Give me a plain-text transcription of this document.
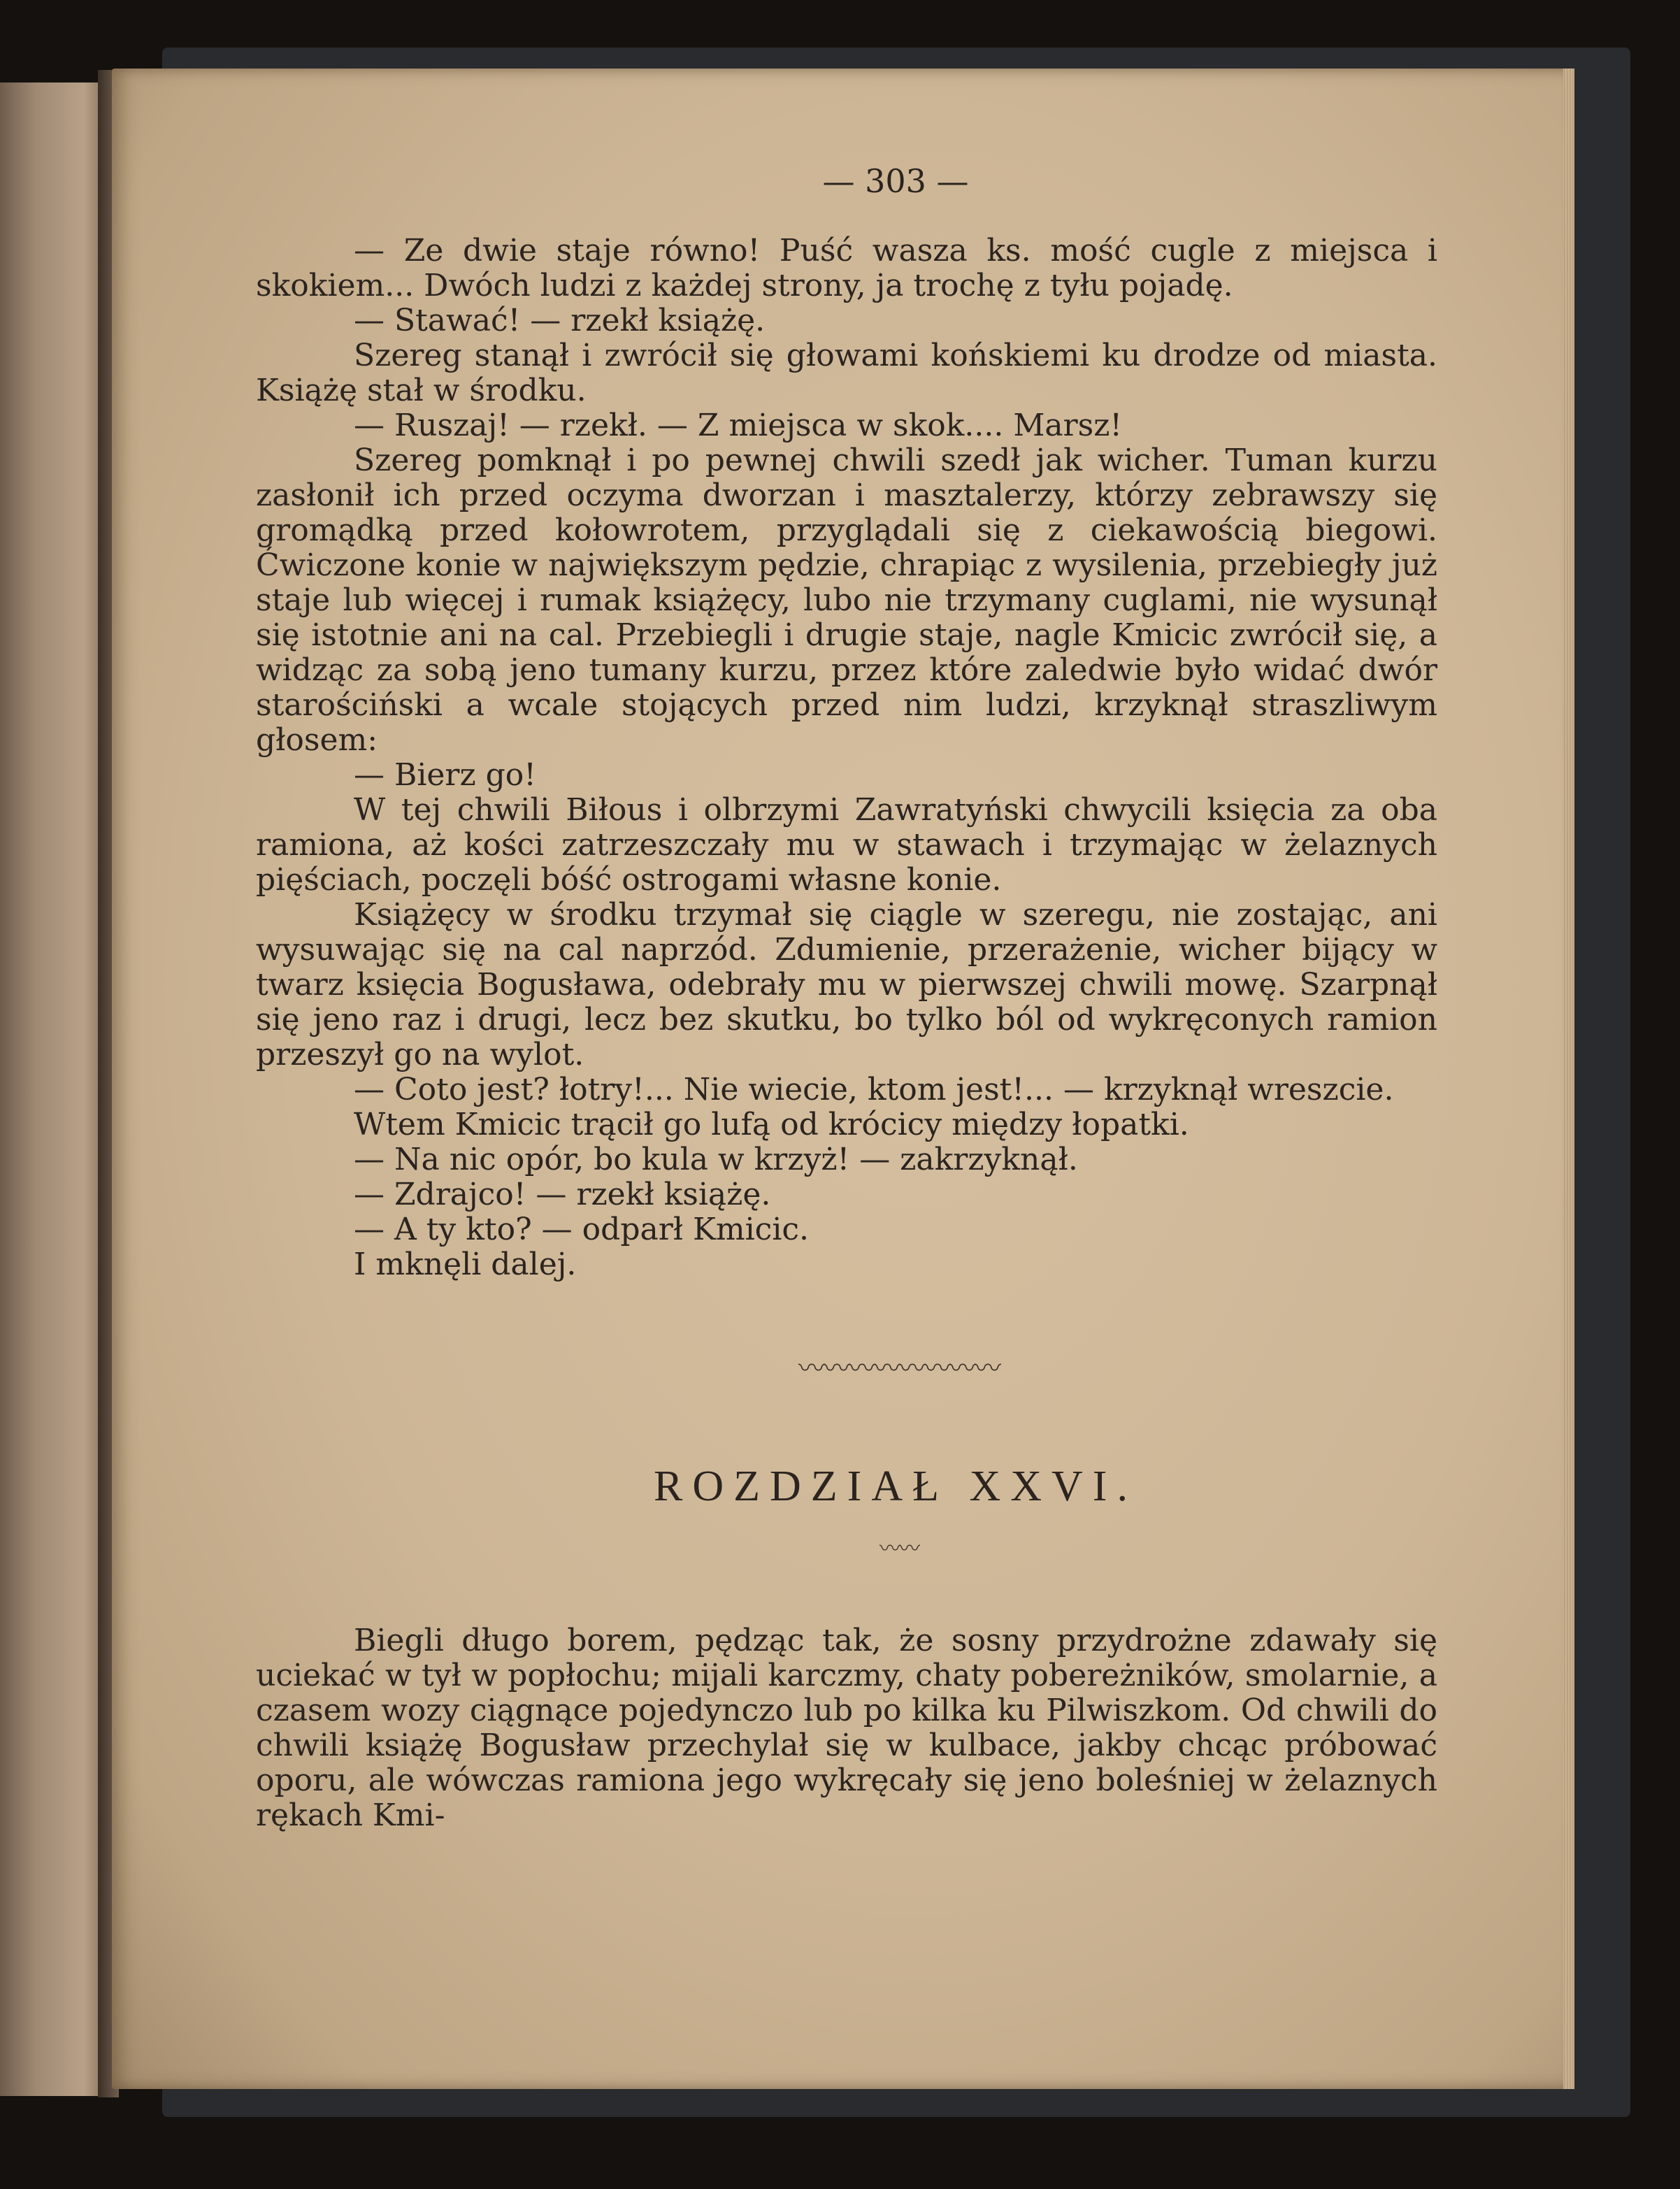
— 303 —

— Ze dwie staje równo! Puść wasza ks. mość cugle z miejsca i skokiem... Dwóch ludzi z każdej strony, ja trochę z tyłu pojadę.

— Stawać! — rzekł książę.

Szereg stanął i zwrócił się głowami końskiemi ku drodze od miasta. Książę stał w środku.

— Ruszaj! — rzekł. — Z miejsca w skok.... Marsz!

Szereg pomknął i po pewnej chwili szedł jak wicher. Tuman kurzu zasłonił ich przed oczyma dworzan i masztalerzy, którzy zebrawszy się gromądką przed kołowrotem, przyglądali się z ciekawością biegowi. Ćwiczone konie w największym pędzie, chrapiąc z wysilenia, przebiegły już staje lub więcej i rumak książęcy, lubo nie trzymany cuglami, nie wysunął się istotnie ani na cal. Przebiegli i drugie staje, nagle Kmicic zwrócił się, a widząc za sobą jeno tumany kurzu, przez które zaledwie było widać dwór starościński a wcale stojących przed nim ludzi, krzyknął straszliwym głosem:

— Bierz go!

W tej chwili Biłous i olbrzymi Zawratyński chwycili księcia za oba ramiona, aż kości zatrzeszczały mu w stawach i trzymając w żelaznych pięściach, poczęli bóść ostrogami własne konie.

Książęcy w środku trzymał się ciągle w szeregu, nie zostając, ani wysuwając się na cal naprzód. Zdumienie, przerażenie, wicher bijący w twarz księcia Bogusława, odebrały mu w pierwszej chwili mowę. Szarpnął się jeno raz i drugi, lecz bez skutku, bo tylko ból od wykręconych ramion przeszył go na wylot.

— Coto jest? łotry!... Nie wiecie, ktom jest!... — krzyknął wreszcie.

Wtem Kmicic trącił go lufą od krócicy między łopatki.

— Na nic opór, bo kula w krzyż! — zakrzyknął.

— Zdrajco! — rzekł książę.

— A ty kto? — odparł Kmicic.

I mknęli dalej.

〰〰〰〰〰〰〰〰
ROZDZIAŁ XXVI.
〰〰

Biegli długo borem, pędząc tak, że sosny przydrożne zdawały się uciekać w tył w popłochu; mijali karczmy, chaty pobereżników, smolarnie, a czasem wozy ciągnące pojedynczo lub po kilka ku Pilwiszkom. Od chwili do chwili książę Bogusław przechylał się w kulbace, jakby chcąc próbować oporu, ale wówczas ramiona jego wykręcały się jeno boleśniej w żelaznych rękach Kmi-
